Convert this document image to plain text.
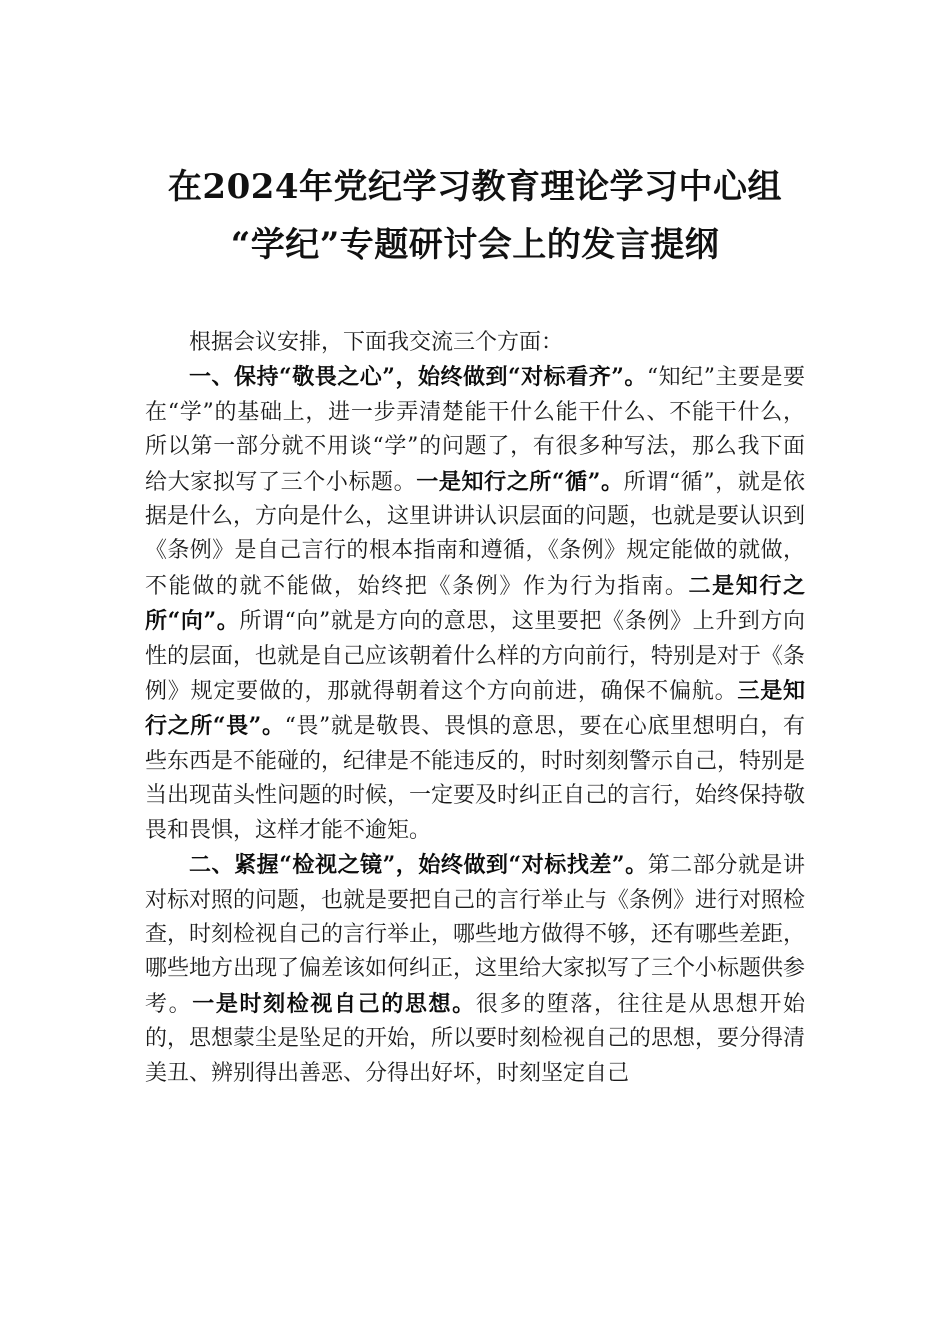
在2024年党纪学习教育理论学习中心组
“学纪”专题研讨会上的发言提纲

根据会议安排，下面我交流三个方面：

一、保持“敬畏之心”，始终做到“对标看齐”。“知纪”主要是要在“学”的基础上，进一步弄清楚能干什么能干什么、不能干什么，所以第一部分就不用谈“学”的问题了，有很多种写法，那么我下面给大家拟写了三个小标题。一是知行之所“循”。所谓“循”，就是依据是什么，方向是什么，这里讲讲认识层面的问题，也就是要认识到《条例》是自己言行的根本指南和遵循，《条例》规定能做的就做，不能做的就不能做，始终把《条例》作为行为指南。二是知行之所“向”。所谓“向”就是方向的意思，这里要把《条例》上升到方向性的层面，也就是自己应该朝着什么样的方向前行，特别是对于《条例》规定要做的，那就得朝着这个方向前进，确保不偏航。三是知行之所“畏”。“畏”就是敬畏、畏惧的意思，要在心底里想明白，有些东西是不能碰的，纪律是不能违反的，时时刻刻警示自己，特别是当出现苗头性问题的时候，一定要及时纠正自己的言行，始终保持敬畏和畏惧，这样才能不逾矩。

二、紧握“检视之镜”，始终做到“对标找差”。第二部分就是讲对标对照的问题，也就是要把自己的言行举止与《条例》进行对照检查，时刻检视自己的言行举止，哪些地方做得不够，还有哪些差距，哪些地方出现了偏差该如何纠正，这里给大家拟写了三个小标题供参考。一是时刻检视自己的思想。很多的堕落，往往是从思想开始的，思想蒙尘是坠足的开始，所以要时刻检视自己的思想，要分得清美丑、辨别得出善恶、分得出好坏，时刻坚定自己
